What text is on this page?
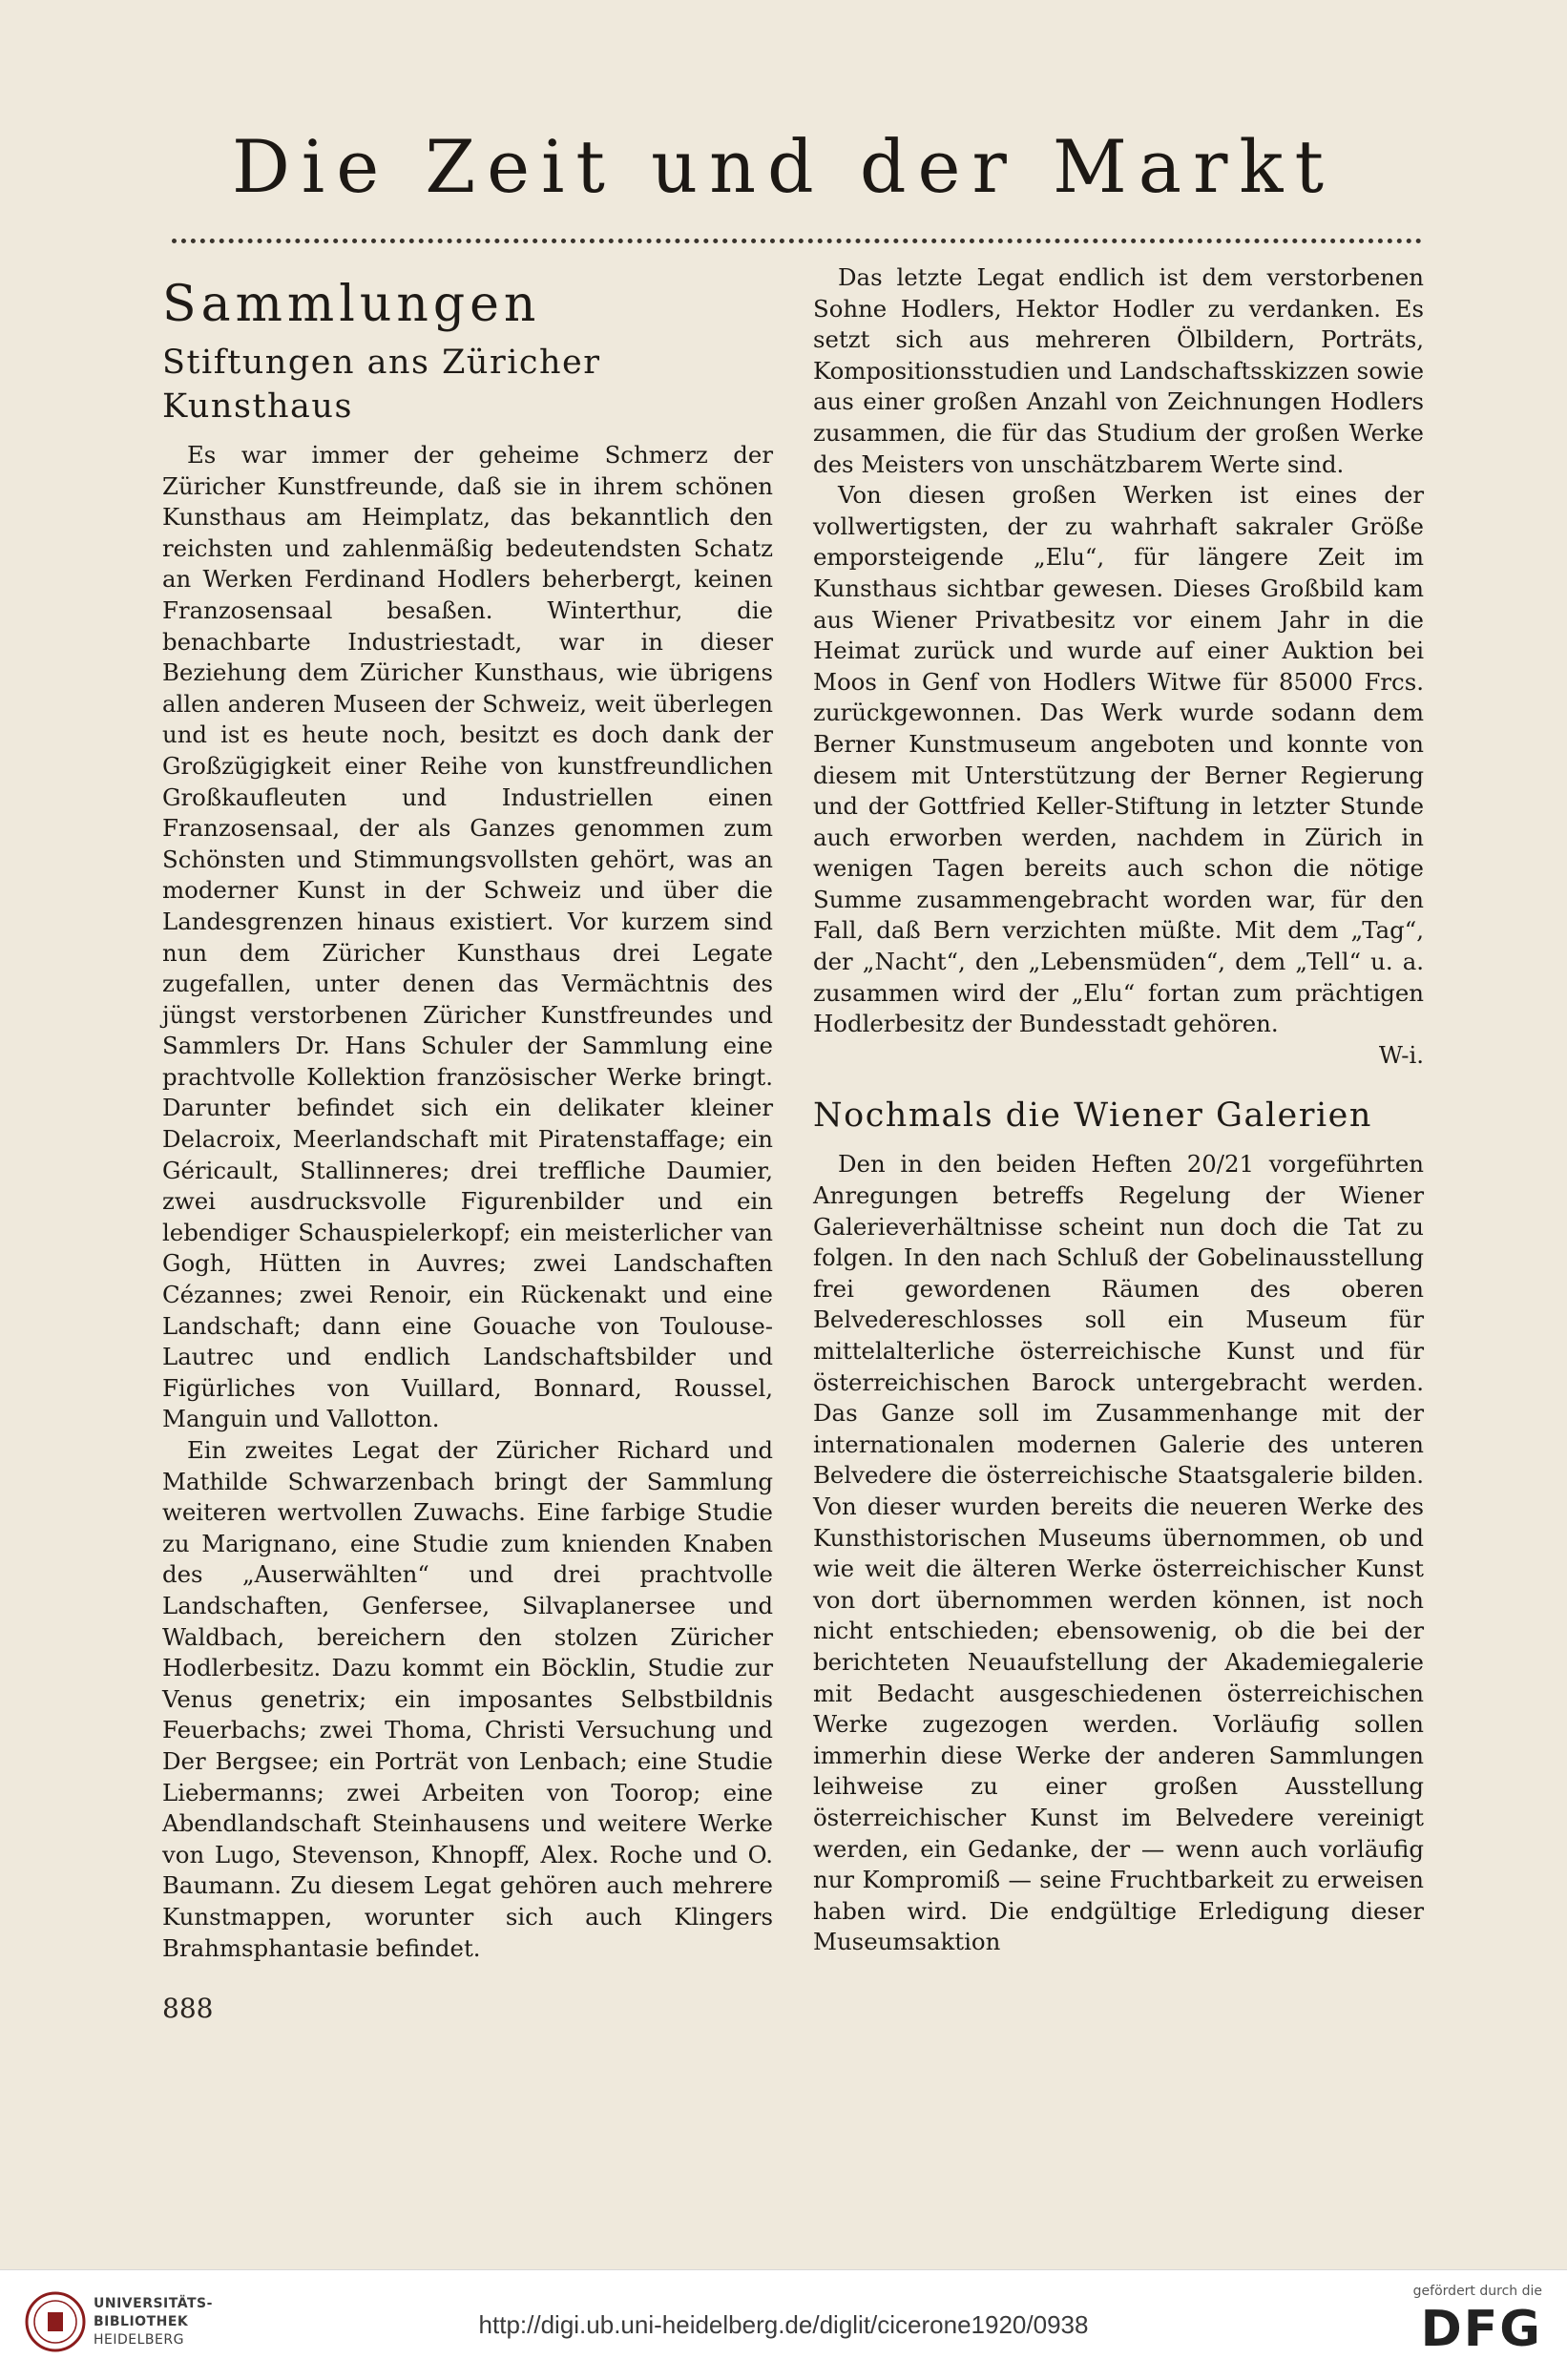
Die Zeit und der Markt
Sammlungen
Stiftungen ans Züricher Kunsthaus

Es war immer der geheime Schmerz der Züricher Kunstfreunde, daß sie in ihrem schönen Kunsthaus am Heimplatz, das bekanntlich den reichsten und zahlenmäßig bedeutendsten Schatz an Werken Ferdinand Hodlers beherbergt, keinen Franzosensaal besaßen. Winterthur, die benachbarte Industriestadt, war in dieser Beziehung dem Züricher Kunsthaus, wie übrigens allen anderen Museen der Schweiz, weit überlegen und ist es heute noch, besitzt es doch dank der Großzügigkeit einer Reihe von kunstfreundlichen Großkaufleuten und Industriellen einen Franzosensaal, der als Ganzes genommen zum Schönsten und Stimmungsvollsten gehört, was an moderner Kunst in der Schweiz und über die Landesgrenzen hinaus existiert. Vor kurzem sind nun dem Züricher Kunsthaus drei Legate zugefallen, unter denen das Vermächtnis des jüngst verstorbenen Züricher Kunstfreundes und Sammlers Dr. Hans Schuler der Sammlung eine prachtvolle Kollektion französischer Werke bringt. Darunter befindet sich ein delikater kleiner Delacroix, Meerlandschaft mit Piratenstaffage; ein Géricault, Stallinneres; drei treffliche Daumier, zwei ausdrucksvolle Figurenbilder und ein lebendiger Schauspielerkopf; ein meisterlicher van Gogh, Hütten in Auvres; zwei Landschaften Cézannes; zwei Renoir, ein Rückenakt und eine Landschaft; dann eine Gouache von Toulouse-Lautrec und endlich Landschaftsbilder und Figürliches von Vuillard, Bonnard, Roussel, Manguin und Vallotton.

Ein zweites Legat der Züricher Richard und Mathilde Schwarzenbach bringt der Sammlung weiteren wertvollen Zuwachs. Eine farbige Studie zu Marignano, eine Studie zum knienden Knaben des „Auserwählten“ und drei prachtvolle Landschaften, Genfersee, Silvaplanersee und Waldbach, bereichern den stolzen Züricher Hodlerbesitz. Dazu kommt ein Böcklin, Studie zur Venus genetrix; ein imposantes Selbstbildnis Feuerbachs; zwei Thoma, Christi Versuchung und Der Bergsee; ein Porträt von Lenbach; eine Studie Liebermanns; zwei Arbeiten von Toorop; eine Abendlandschaft Steinhausens und weitere Werke von Lugo, Stevenson, Khnopff, Alex. Roche und O. Baumann. Zu diesem Legat gehören auch mehrere Kunstmappen, worunter sich auch Klingers Brahmsphantasie befindet.

Das letzte Legat endlich ist dem verstorbenen Sohne Hodlers, Hektor Hodler zu verdanken. Es setzt sich aus mehreren Ölbildern, Porträts, Kompositionsstudien und Landschaftsskizzen sowie aus einer großen Anzahl von Zeichnungen Hodlers zusammen, die für das Studium der großen Werke des Meisters von unschätzbarem Werte sind.

Von diesen großen Werken ist eines der vollwertigsten, der zu wahrhaft sakraler Größe emporsteigende „Elu“, für längere Zeit im Kunsthaus sichtbar gewesen. Dieses Großbild kam aus Wiener Privatbesitz vor einem Jahr in die Heimat zurück und wurde auf einer Auktion bei Moos in Genf von Hodlers Witwe für 85000 Frcs. zurückgewonnen. Das Werk wurde sodann dem Berner Kunstmuseum angeboten und konnte von diesem mit Unterstützung der Berner Regierung und der Gottfried Keller-Stiftung in letzter Stunde auch erworben werden, nachdem in Zürich in wenigen Tagen bereits auch schon die nötige Summe zusammengebracht worden war, für den Fall, daß Bern verzichten müßte. Mit dem „Tag“, der „Nacht“, den „Lebensmüden“, dem „Tell“ u. a. zusammen wird der „Elu“ fortan zum prächtigen Hodlerbesitz der Bundesstadt gehören.

W-i.

Nochmals die Wiener Galerien

Den in den beiden Heften 20/21 vorgeführten Anregungen betreffs Regelung der Wiener Galerieverhältnisse scheint nun doch die Tat zu folgen. In den nach Schluß der Gobelinausstellung frei gewordenen Räumen des oberen Belvedereschlosses soll ein Museum für mittelalterliche österreichische Kunst und für österreichischen Barock untergebracht werden. Das Ganze soll im Zusammenhange mit der internationalen modernen Galerie des unteren Belvedere die österreichische Staatsgalerie bilden. Von dieser wurden bereits die neueren Werke des Kunsthistorischen Museums übernommen, ob und wie weit die älteren Werke österreichischer Kunst von dort übernommen werden können, ist noch nicht entschieden; ebensowenig, ob die bei der berichteten Neuaufstellung der Akademiegalerie mit Bedacht ausgeschiedenen österreichischen Werke zugezogen werden. Vorläufig sollen immerhin diese Werke der anderen Sammlungen leihweise zu einer großen Ausstellung österreichischer Kunst im Belvedere vereinigt werden, ein Gedanke, der — wenn auch vorläufig nur Kompromiß — seine Fruchtbarkeit zu erweisen haben wird. Die endgültige Erledigung dieser Museumsaktion

888
UNIVERSITÄTS-
BIBLIOTHEK
HEIDELBERG
http://digi.ub.uni-heidelberg.de/diglit/cicerone1920/0938
gefördert durch die
DFG
